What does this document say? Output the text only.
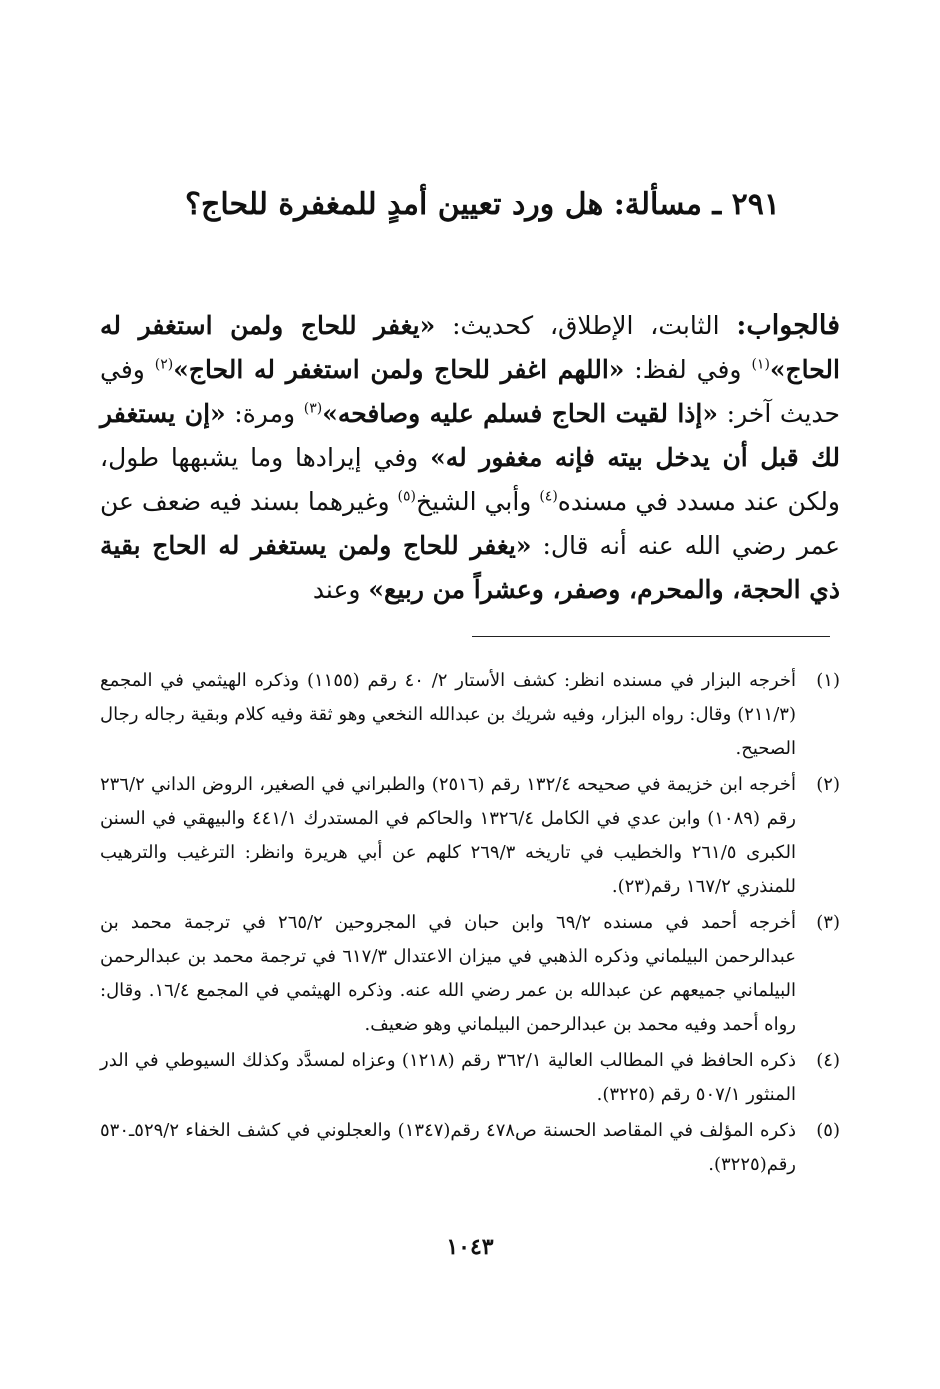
٢٩١ ـ مسألة: هل ورد تعيين أمدٍ للمغفرة للحاج؟
فالجواب: الثابت، الإطلاق، كحديث: «يغفر للحاج ولمن استغفر له الحاج»$^{(١)}$ وفي لفظ: «اللهم اغفر للحاج ولمن استغفر له الحاج»$^{(٢)}$ وفي حديث آخر: «إذا لقيت الحاج فسلم عليه وصافحه»$^{(٣)}$ ومرة: «إن يستغفر لك قبل أن يدخل بيته فإنه مغفور له» وفي إيرادها وما يشبهها طول، ولكن عند مسدد في مسنده$^{(٤)}$ وأبي الشيخ$^{(٥)}$ وغيرهما بسند فيه ضعف عن عمر رضي الله عنه أنه قال: «يغفر للحاج ولمن يستغفر له الحاج بقية ذي الحجة، والمحرم، وصفر، وعشراً من ربيع» وعند
(١)
أخرجه البزار في مسنده انظر: كشف الأستار ٢/ ٤٠ رقم (١١٥٥) وذكره الهيثمي في المجمع (٢١١/٣) وقال: رواه البزار، وفيه شريك بن عبدالله النخعي وهو ثقة وفيه كلام وبقية رجاله رجال الصحيح.
(٢)
أخرجه ابن خزيمة في صحيحه ١٣٢/٤ رقم (٢٥١٦) والطبراني في الصغير، الروض الداني ٢٣٦/٢ رقم (١٠٨٩) وابن عدي في الكامل ١٣٢٦/٤ والحاكم في المستدرك ٤٤١/١ والبيهقي في السنن الكبرى ٢٦١/٥ والخطيب في تاريخه ٢٦٩/٣ كلهم عن أبي هريرة وانظر: الترغيب والترهيب للمنذري ١٦٧/٢ رقم(٢٣).
(٣)
أخرجه أحمد في مسنده ٦٩/٢ وابن حبان في المجروحين ٢٦٥/٢ في ترجمة محمد بن عبدالرحمن البيلماني وذكره الذهبي في ميزان الاعتدال ٦١٧/٣ في ترجمة محمد بن عبدالرحمن البيلماني جميعهم عن عبدالله بن عمر رضي الله عنه. وذكره الهيثمي في المجمع ١٦/٤. وقال: رواه أحمد وفيه محمد بن عبدالرحمن البيلماني وهو ضعيف.
(٤)
ذكره الحافظ في المطالب العالية ٣٦٢/١ رقم (١٢١٨) وعزاه لمسدَّد وكذلك السيوطي في الدر المنثور ٥٠٧/١ رقم (٣٢٢٥).
(٥)
ذكره المؤلف في المقاصد الحسنة ص٤٧٨ رقم(١٣٤٧) والعجلوني في كشف الخفاء ٥٢٩/٢ـ٥٣٠ رقم(٣٢٢٥).
١٠٤٣
